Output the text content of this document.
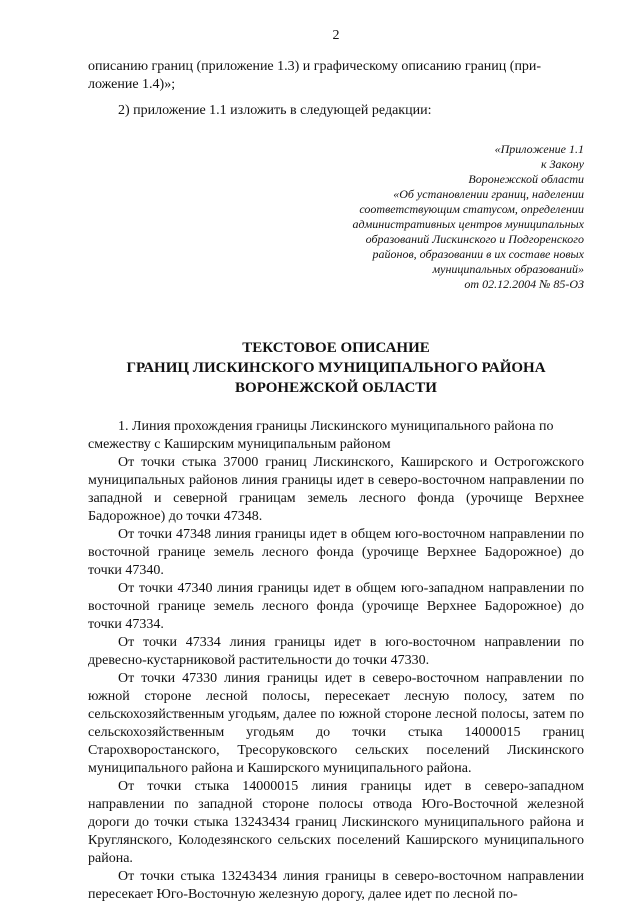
2

описанию границ (приложение 1.3) и графическому описанию границ (при-

ложение 1.4)»;

2) приложение 1.1 изложить в следующей редакции:

«Приложение 1.1
к Закону
Воронежской области
«Об установлении границ, наделении
соответствующим статусом, определении
административных центров муниципальных
образований Лискинского и Подгоренского
районов, образовании в их составе новых
муниципальных образований»
от 02.12.2004 № 85-ОЗ
ТЕКСТОВОЕ ОПИСАНИЕ
ГРАНИЦ ЛИСКИНСКОГО МУНИЦИПАЛЬНОГО РАЙОНА
ВОРОНЕЖСКОЙ ОБЛАСТИ

1. Линия прохождения границы Лискинского муниципального района по

смежеству с Каширским муниципальным районом

От точки стыка 37000 границ Лискинского, Каширского и Острогожского муниципальных районов линия границы идет в северо-восточном направлении по западной и северной границам земель лесного фонда (урочище Верхнее Бадорожное) до точки 47348.

От точки 47348 линия границы идет в общем юго-восточном направлении по восточной границе земель лесного фонда (урочище Верхнее Бадорожное) до точки 47340.

От точки 47340 линия границы идет в общем юго-западном направлении по восточной границе земель лесного фонда (урочище Верхнее Бадорожное) до точки 47334.

От точки 47334 линия границы идет в юго-восточном направлении по древесно-кустарниковой растительности до точки 47330.

От точки 47330 линия границы идет в северо-восточном направлении по южной стороне лесной полосы, пересекает лесную полосу, затем по сельскохозяйственным угодьям, далее по южной стороне лесной полосы, затем по сельскохозяйственным угодьям до точки стыка 14000015 границ Старохворостанского, Тресоруковского сельских поселений Лискинского муниципального района и Каширского муниципального района.

От точки стыка 14000015 линия границы идет в северо-западном направлении по западной стороне полосы отвода Юго-Восточной железной дороги до точки стыка 13243434 границ Лискинского муниципального района и Круглянского, Колодезянского сельских поселений Каширского муниципального района.

От точки стыка 13243434 линия границы в северо-восточном направлении пересекает Юго-Восточную железную дорогу, далее идет по лесной по-
